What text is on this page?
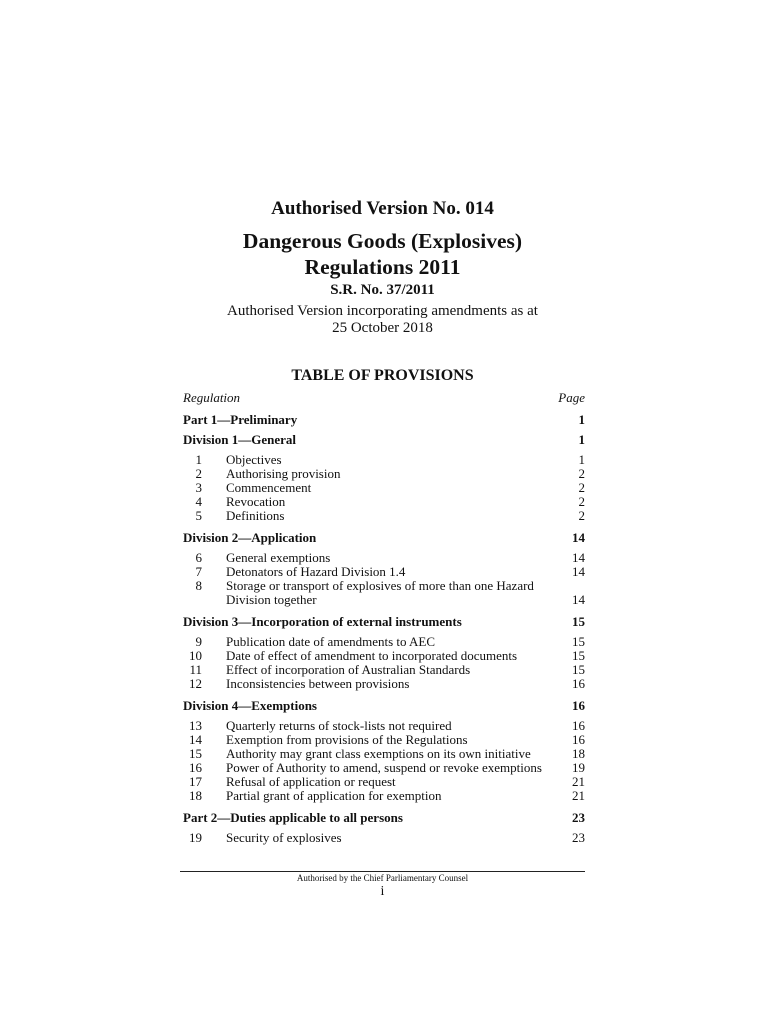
Authorised Version No. 014
Dangerous Goods (Explosives)
Regulations 2011
S.R. No. 37/2011
Authorised Version incorporating amendments as at
25 October 2018
TABLE OF PROVISIONS
Regulation	Page
Part 1—Preliminary	1
Division 1—General	1
1 Objectives	1
2 Authorising provision	2
3 Commencement	2
4 Revocation	2
5 Definitions	2
Division 2—Application	14
6 General exemptions	14
7 Detonators of Hazard Division 1.4	14
8 Storage or transport of explosives of more than one Hazard Division together	14
Division 3—Incorporation of external instruments	15
9 Publication date of amendments to AEC	15
10 Date of effect of amendment to incorporated documents	15
11 Effect of incorporation of Australian Standards	15
12 Inconsistencies between provisions	16
Division 4—Exemptions	16
13 Quarterly returns of stock-lists not required	16
14 Exemption from provisions of the Regulations	16
15 Authority may grant class exemptions on its own initiative	18
16 Power of Authority to amend, suspend or revoke exemptions 19
17 Refusal of application or request	21
18 Partial grant of application for exemption	21
Part 2—Duties applicable to all persons	23
19 Security of explosives	23
Authorised by the Chief Parliamentary Counsel
i
